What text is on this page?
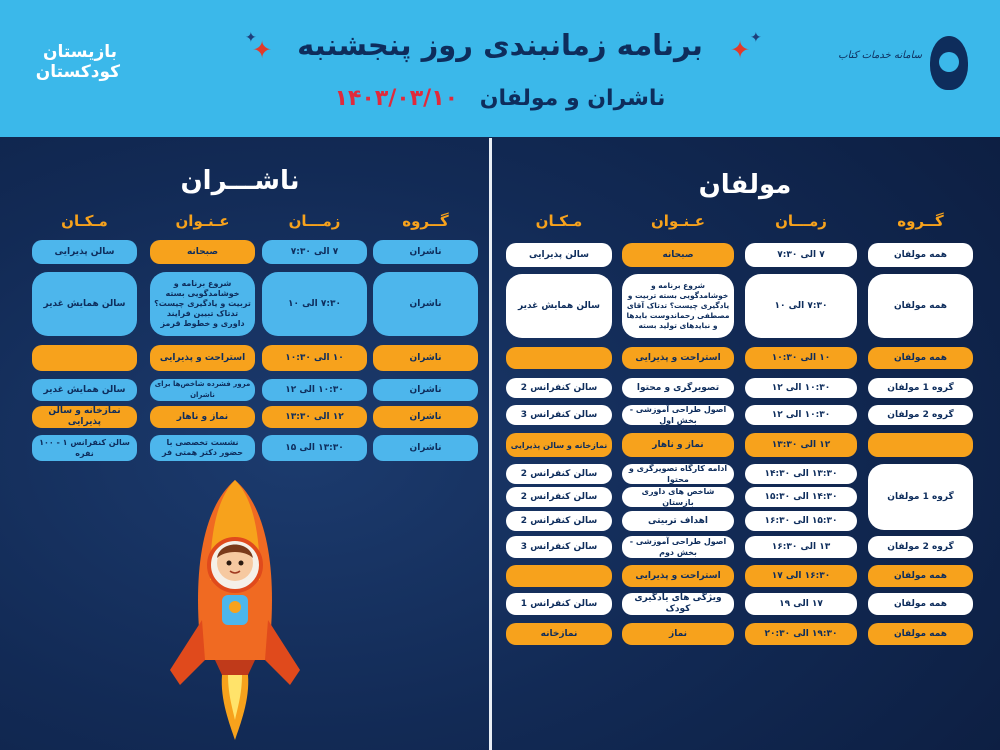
بازیستان
کودکستان
✦
✦	✦ ✦
برنامه زمانبندی روز پنجشنبه
ناشران و مولفان ۱۴۰۳/۰۳/۱۰
سامانه خدمات کتاب
ناشـــران
گــروه
زمـــان
عـنـوان
مـکـان
ناشران
۷ الی ۷:۳۰
صبحانه
سالن پذیرایی
ناشران
۷:۳۰ الی ۱۰
شروع برنامه و خوشامدگویی بسته تربیت و یادگیری چیست؟ تدتاک تبیین فرایند داوری و خطوط قرمز
سالن همایش غدیر
ناشران
۱۰ الی ۱۰:۳۰
استراحت و پذیرایی
ناشران
۱۰:۳۰ الی ۱۲
مرور فشرده شاخص‌ها برای ناشران
سالن همایش غدیر
ناشران
۱۲ الی ۱۳:۳۰
نماز و ناهار
نمازخانه و سالن پذیرایی
ناشران
۱۳:۳۰ الی ۱۵
نشست تخصصی با حضور دکتر همتی فر
سالن کنفرانس ۱ - ۱۰۰ نفره
مولفان
گــروه
زمـــان
عـنـوان
مـکـان
همه مولفان
۷ الی ۷:۳۰
صبحانه
سالن پذیرایی
همه مولفان
۷:۳۰ الی ۱۰
شروع برنامه و خوشامدگویی بسته تربیت و یادگیری چیست؟ تدتاک آقای مصطفی رحماندوست بایدها و نبایدهای تولید بسته
سالن همایش غدیر
همه مولفان
۱۰ الی ۱۰:۳۰
استراحت و پذیرایی
گروه 1 مولفان
۱۰:۳۰ الی ۱۲
تصویرگری و محتوا
سالن کنفرانس 2
گروه 2 مولفان
۱۰:۳۰ الی ۱۲
اصول طراحی آموزشی - بخش اول
سالن کنفرانس 3
۱۲ الی ۱۳:۳۰
نماز و ناهار
نمازخانه و سالن پذیرایی
گروه 1 مولفان
۱۳:۳۰ الی ۱۴:۳۰
ادامه کارگاه تصویرگری و محتوا
سالن کنفرانس 2
۱۴:۳۰ الی ۱۵:۳۰
شاخص های داوری بازستان
سالن کنفرانس 2
۱۵:۳۰ الی ۱۶:۳۰
اهداف تربیتی
سالن کنفرانس 2
گروه 2 مولفان
۱۳ الی ۱۶:۳۰
اصول طراحی آموزشی - بخش دوم
سالن کنفرانس 3
همه مولفان
۱۶:۳۰ الی ۱۷
استراحت و پذیرایی
همه مولفان
۱۷ الی ۱۹
ویژگی های یادگیری کودک
سالن کنفرانس 1
همه مولفان
۱۹:۳۰ الی ۲۰:۳۰
نماز
نمازخانه
